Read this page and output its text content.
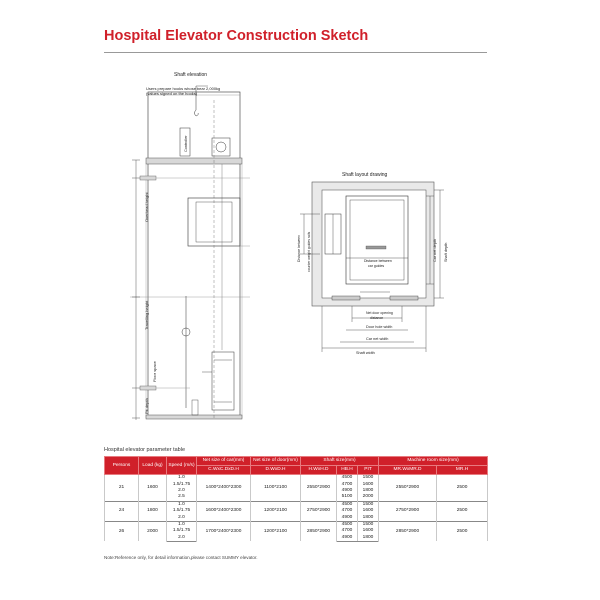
Hospital Elevator Construction Sketch
Shaft elevation
Users prepare hooks whose bear 2,000kg
(values signed on the hooks)
Controller
Overhead height
Travelling height
Floor space
Pit depth
Shaft layout drawing
Distance between counter weight guides rails	Distance between
car guides
Car net depth Shaft depth
Net door opening
distance
Door hole width
Car net width
Shaft width
Hospital elevator parameter table
Persons	Load (kg)	Speed (m/s)	Net size of car(mm)	Net size of door(mm)	Shaft size(mm)			Machine room size(mm)	
			C.WxC.DxD.H	D.WxD.H	H.WxH.D	HB.H	PIT	MR.WxMR.D	MR.H
21	1600	1.0	1400*2400*2300	1100*2100	2550*2900	4500	1500	2550*2900	2500
		1.5/1.75				4700	1600		
		2.0				4900	1800		
		2.5				5100	2000		
24	1800	1.0	1600*2400*2300	1200*2100	2750*2900	4500	1500	2750*2900	2500
		1.5/1.75				4700	1600		
		2.0				4900	1800		
26	2000	1.0	1700*2400*2300	1200*2100	2850*2900	4500	1500	2850*2900	2500
		1.5/1.75				4700	1600		
		2.0				4900	1800		
Note:Reference only, for detail information,please contact SUMMY elevator.
